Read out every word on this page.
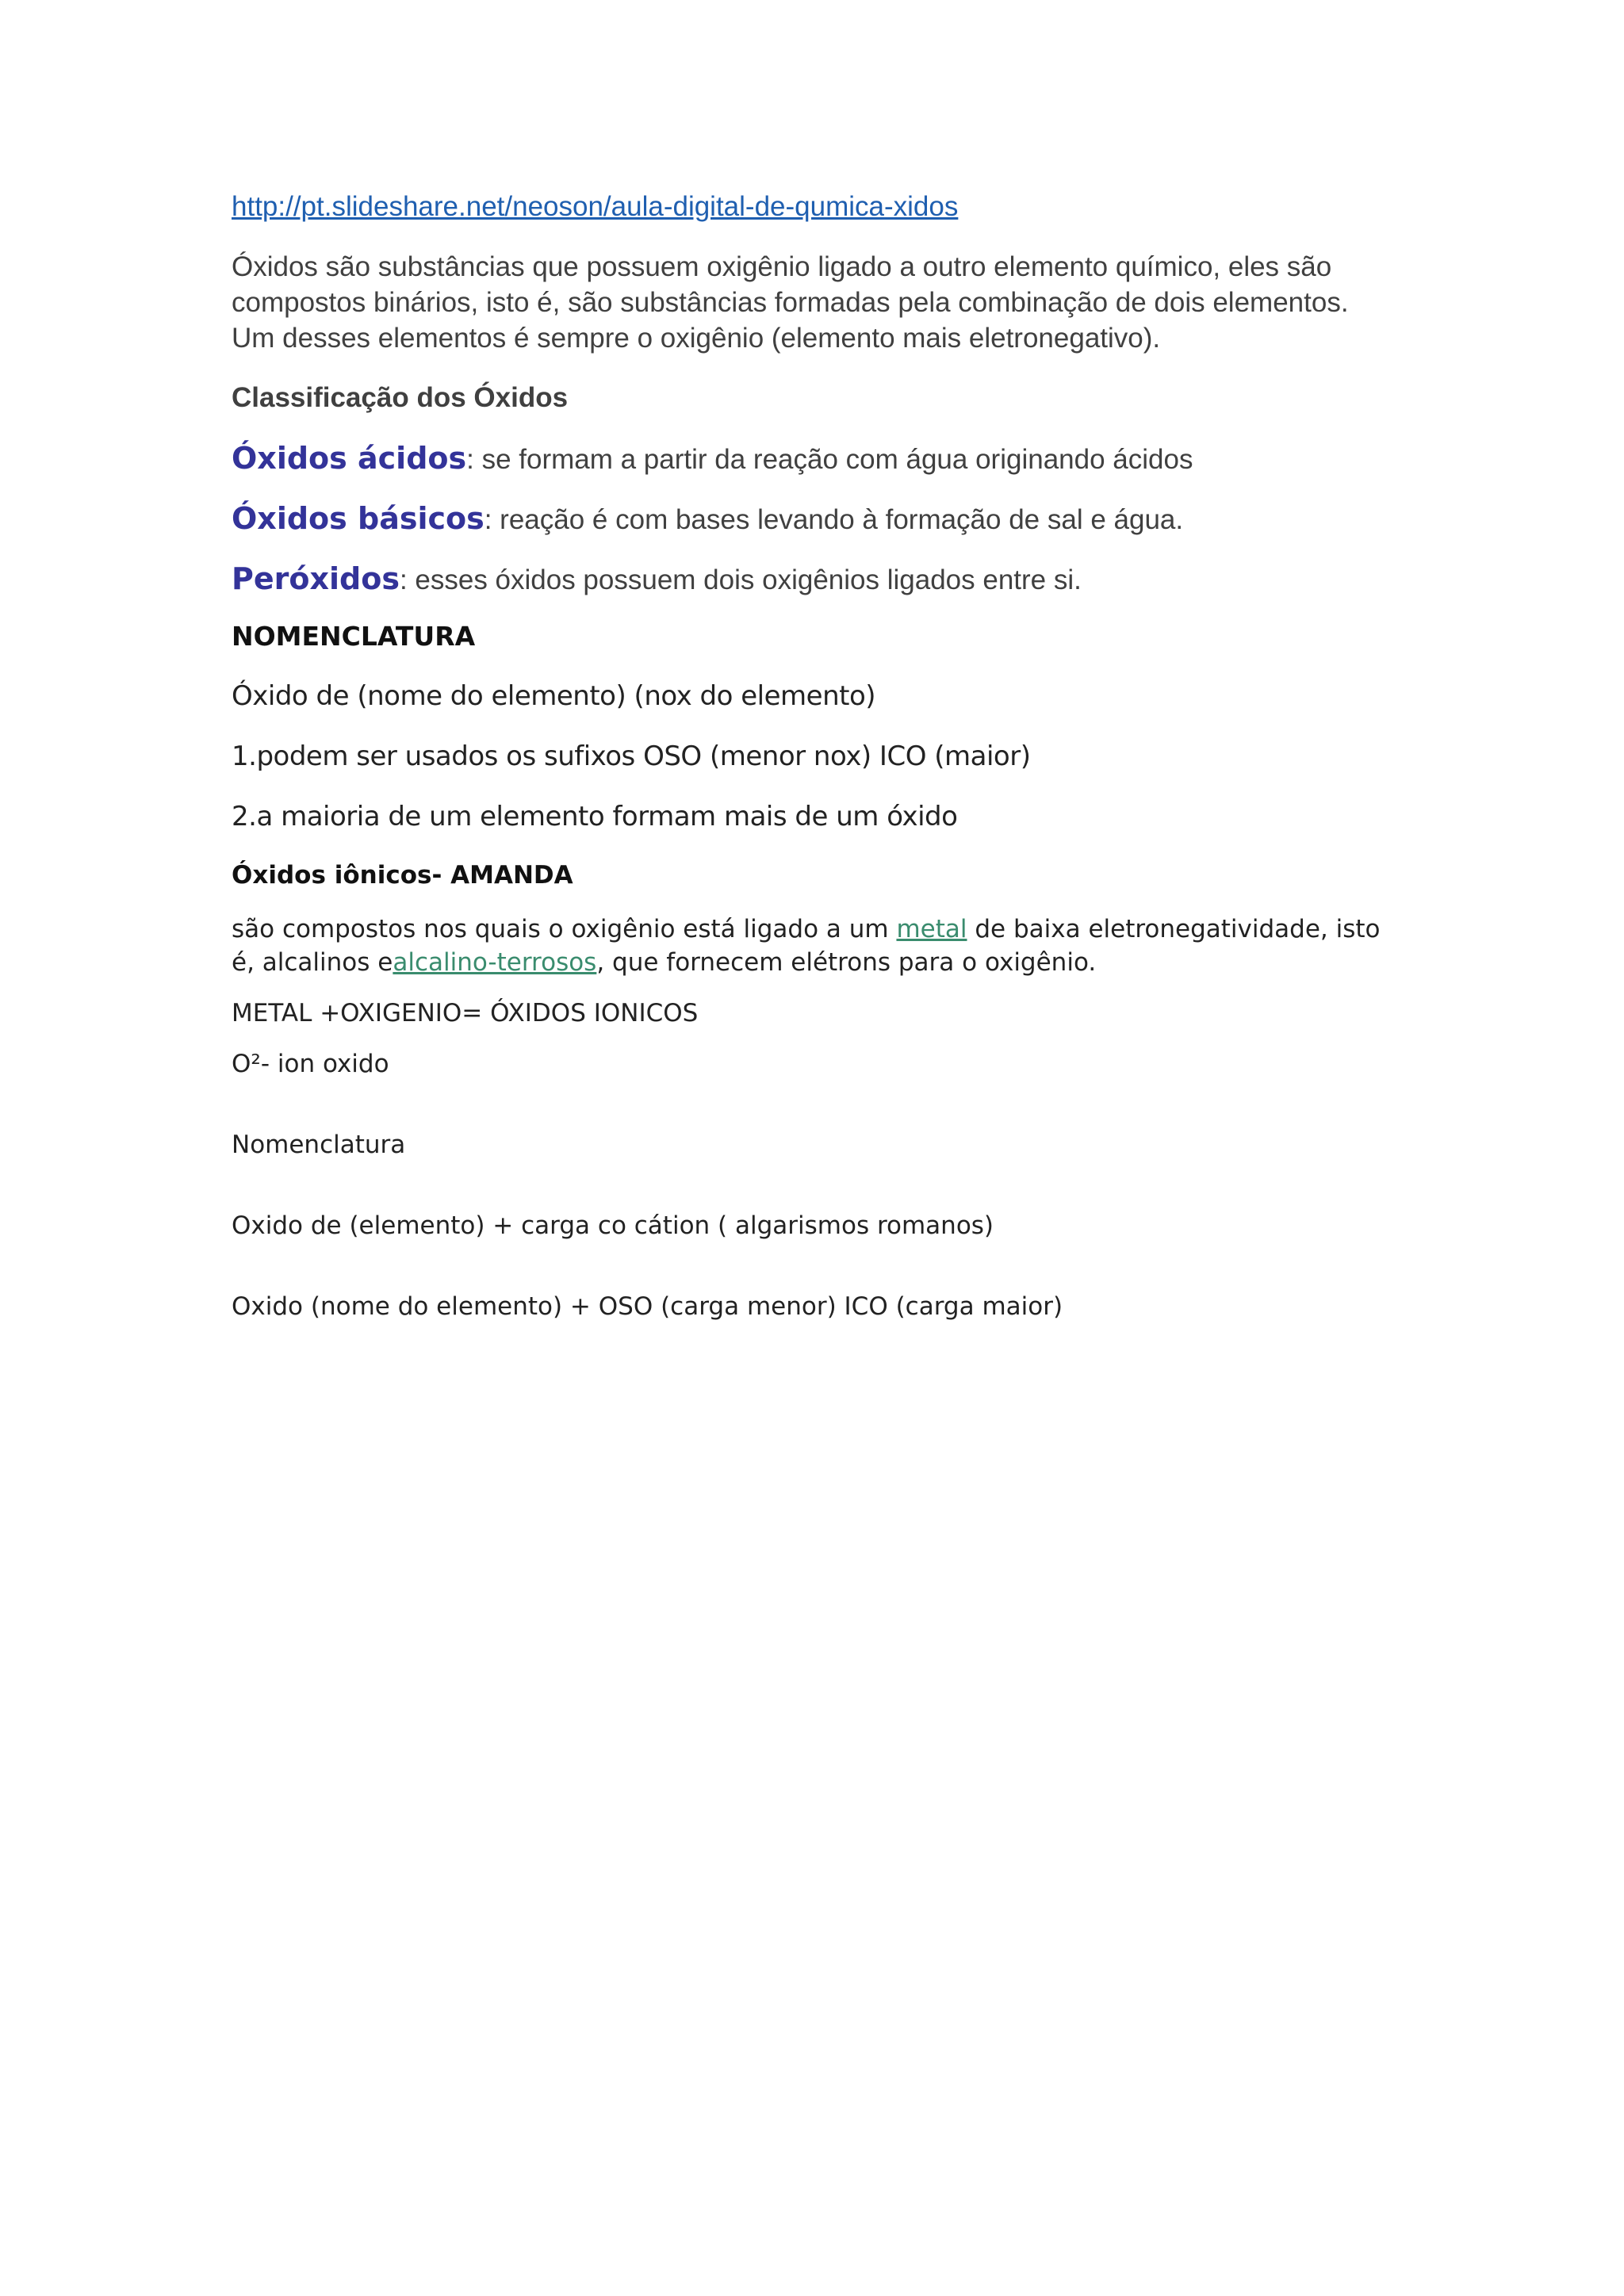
http://pt.slideshare.net/neoson/aula-digital-de-qumica-xidos
Óxidos são substâncias que possuem oxigênio ligado a outro elemento químico, eles são
compostos binários, isto é, são substâncias formadas pela combinação de dois elementos.
Um desses elementos é sempre o oxigênio (elemento mais eletronegativo).
Classificação dos Óxidos
Óxidos ácidos: se formam a partir da reação com água originando ácidos
Óxidos básicos: reação é com bases levando à formação de sal e água.
Peróxidos: esses óxidos possuem dois oxigênios ligados entre si.
NOMENCLATURA
Óxido de (nome do elemento) (nox do elemento)
1.podem ser usados os sufixos OSO (menor nox) ICO (maior)
2.a maioria de um elemento formam mais de um óxido
Óxidos iônicos- AMANDA
são compostos nos quais o oxigênio está ligado a um metal de baixa eletronegatividade, isto é, alcalinos ealcalino-terrosos, que fornecem elétrons para o oxigênio.
METAL +OXIGENIO= ÓXIDOS IONICOS
O²- ion oxido
Nomenclatura
Oxido de (elemento) + carga co cátion ( algarismos romanos)
Oxido (nome do elemento) + OSO (carga menor) ICO (carga maior)
